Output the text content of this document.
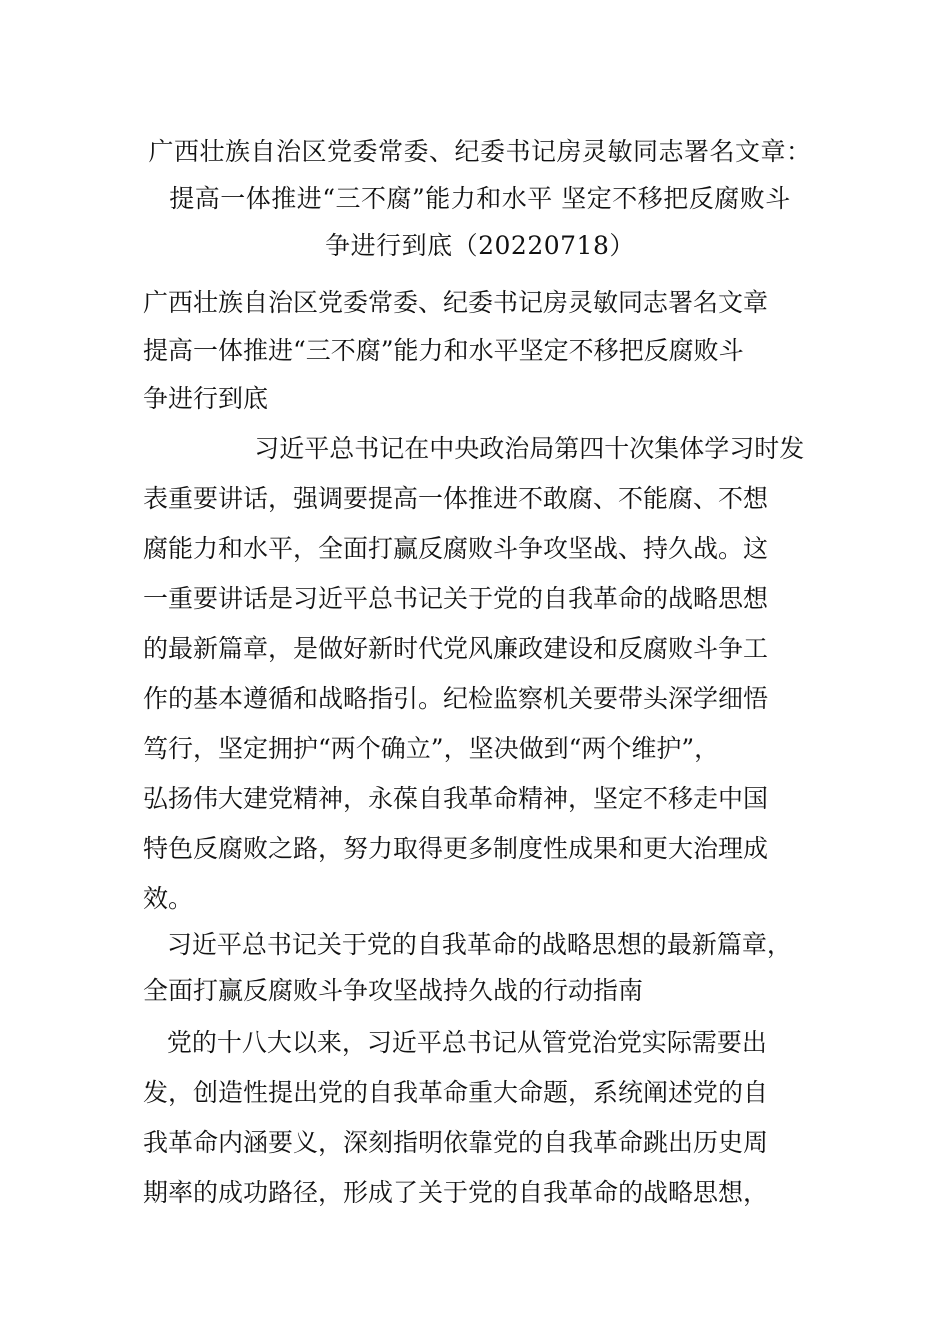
广西壮族自治区党委常委、纪委书记房灵敏同志署名文章：
提高一体推进“三不腐”能力和水平 坚定不移把反腐败斗
争进行到底（20220718）
广西壮族自治区党委常委、纪委书记房灵敏同志署名文章
提高一体推进“三不腐”能力和水平坚定不移把反腐败斗
争进行到底
习近平总书记在中央政治局第四十次集体学习时发
表重要讲话，强调要提高一体推进不敢腐、不能腐、不想
腐能力和水平，全面打赢反腐败斗争攻坚战、持久战。这
一重要讲话是习近平总书记关于党的自我革命的战略思想
的最新篇章，是做好新时代党风廉政建设和反腐败斗争工
作的基本遵循和战略指引。纪检监察机关要带头深学细悟
笃行，坚定拥护“两个确立”，坚决做到“两个维护”，
弘扬伟大建党精神，永葆自我革命精神，坚定不移走中国
特色反腐败之路，努力取得更多制度性成果和更大治理成
效。
习近平总书记关于党的自我革命的战略思想的最新篇章，
全面打赢反腐败斗争攻坚战持久战的行动指南
党的十八大以来，习近平总书记从管党治党实际需要出
发，创造性提出党的自我革命重大命题，系统阐述党的自
我革命内涵要义，深刻指明依靠党的自我革命跳出历史周
期率的成功路径，形成了关于党的自我革命的战略思想，
